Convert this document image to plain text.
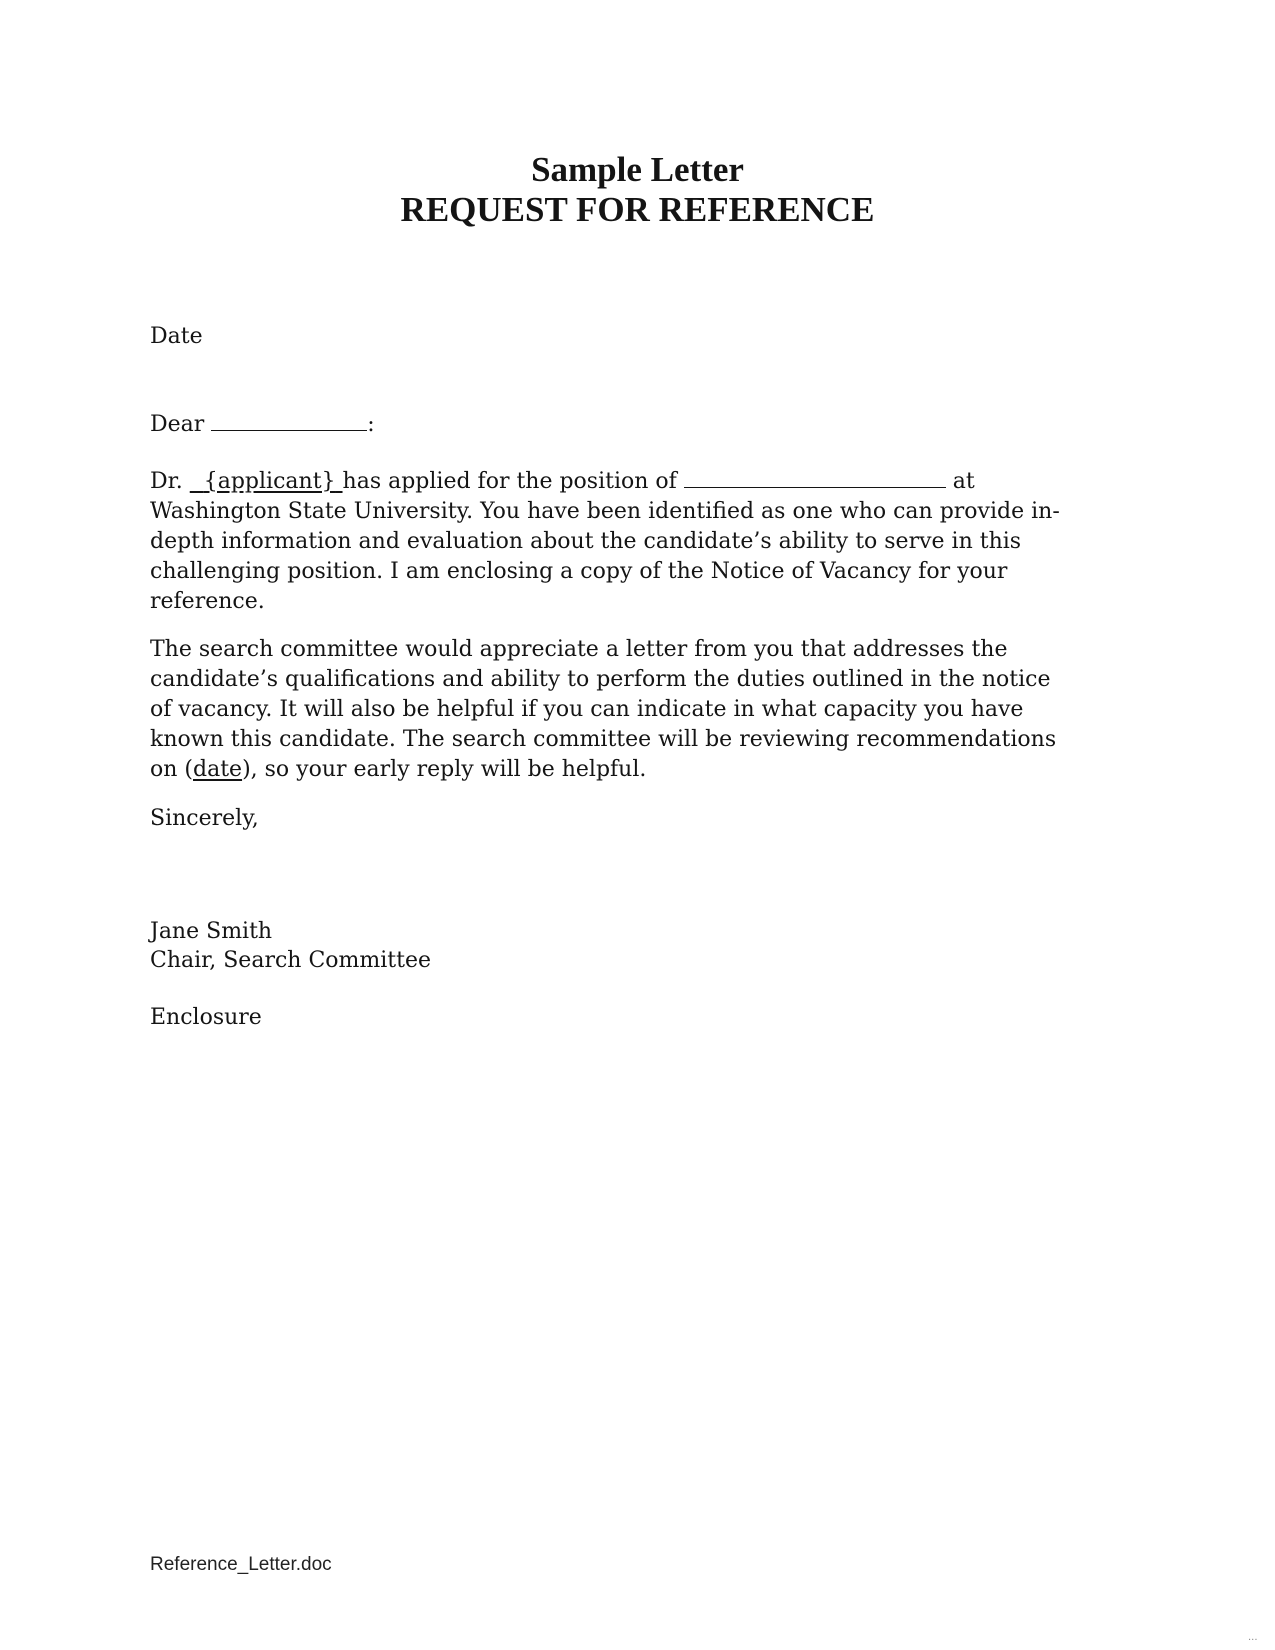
Sample Letter
REQUEST FOR REFERENCE
Date
Dear	:
Dr. {applicant} has applied for the position of	at
Washington State University. You have been identified as one who can provide in-
depth information and evaluation about the candidate’s ability to serve in this
challenging position. I am enclosing a copy of the Notice of Vacancy for your
reference.
The search committee would appreciate a letter from you that addresses the
candidate’s qualifications and ability to perform the duties outlined in the notice
of vacancy. It will also be helpful if you can indicate in what capacity you have
known this candidate. The search committee will be reviewing recommendations
on (date), so your early reply will be helpful.
Sincerely,
Jane Smith
Chair, Search Committee
Enclosure
Reference_Letter.doc
...
